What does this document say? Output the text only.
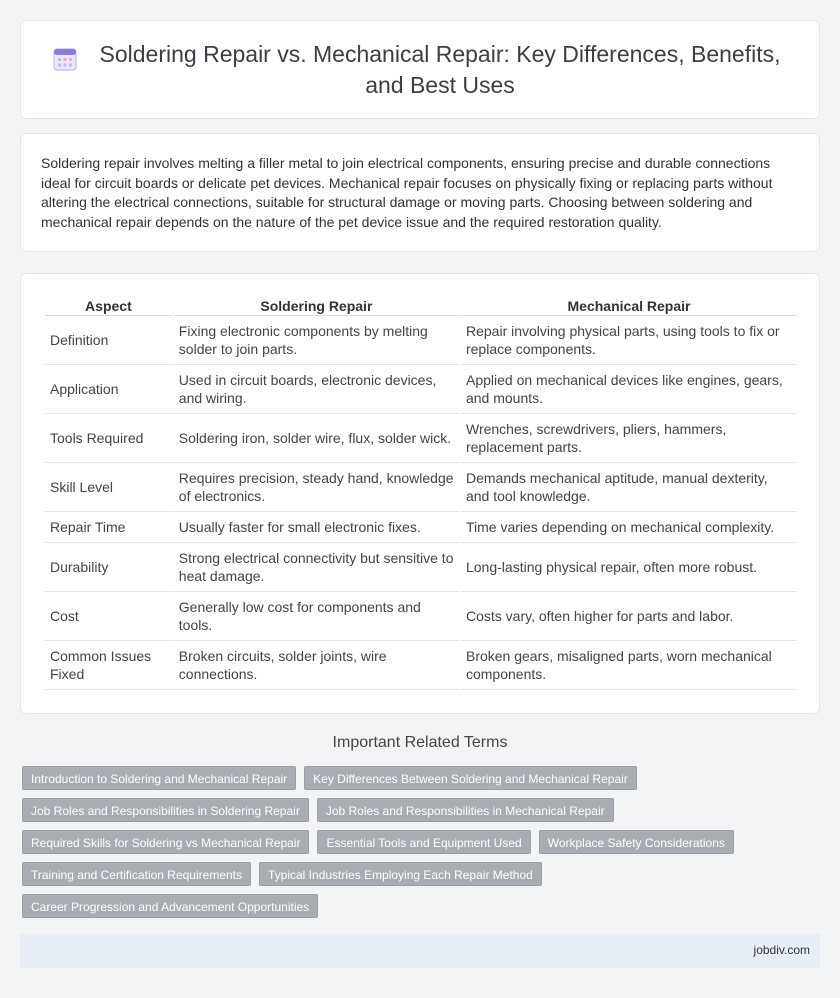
Soldering Repair vs. Mechanical Repair: Key Differences, Benefits, and Best Uses

Soldering repair involves melting a filler metal to join electrical components, ensuring precise and durable connections ideal for circuit boards or delicate pet devices. Mechanical repair focuses on physically fixing or replacing parts without altering the electrical connections, suitable for structural damage or moving parts. Choosing between soldering and mechanical repair depends on the nature of the pet device issue and the required restoration quality.

Aspect	Soldering Repair	Mechanical Repair
Definition	Fixing electronic components by melting solder to join parts.	Repair involving physical parts, using tools to fix or replace components.
Application	Used in circuit boards, electronic devices, and wiring.	Applied on mechanical devices like engines, gears, and mounts.
Tools Required	Soldering iron, solder wire, flux, solder wick.	Wrenches, screwdrivers, pliers, hammers, replacement parts.
Skill Level	Requires precision, steady hand, knowledge of electronics.	Demands mechanical aptitude, manual dexterity, and tool knowledge.
Repair Time	Usually faster for small electronic fixes.	Time varies depending on mechanical complexity.
Durability	Strong electrical connectivity but sensitive to heat damage.	Long-lasting physical repair, often more robust.
Cost	Generally low cost for components and tools.	Costs vary, often higher for parts and labor.
Common Issues Fixed	Broken circuits, solder joints, wire connections.	Broken gears, misaligned parts, worn mechanical components.
Important Related Terms
Introduction to Soldering and Mechanical Repair	Key Differences Between Soldering and Mechanical Repair
Job Roles and Responsibilities in Soldering Repair	Job Roles and Responsibilities in Mechanical Repair
Required Skills for Soldering vs Mechanical Repair	Essential Tools and Equipment Used	Workplace Safety Considerations
Training and Certification Requirements	Typical Industries Employing Each Repair Method
Career Progression and Advancement Opportunities
jobdiv.com
